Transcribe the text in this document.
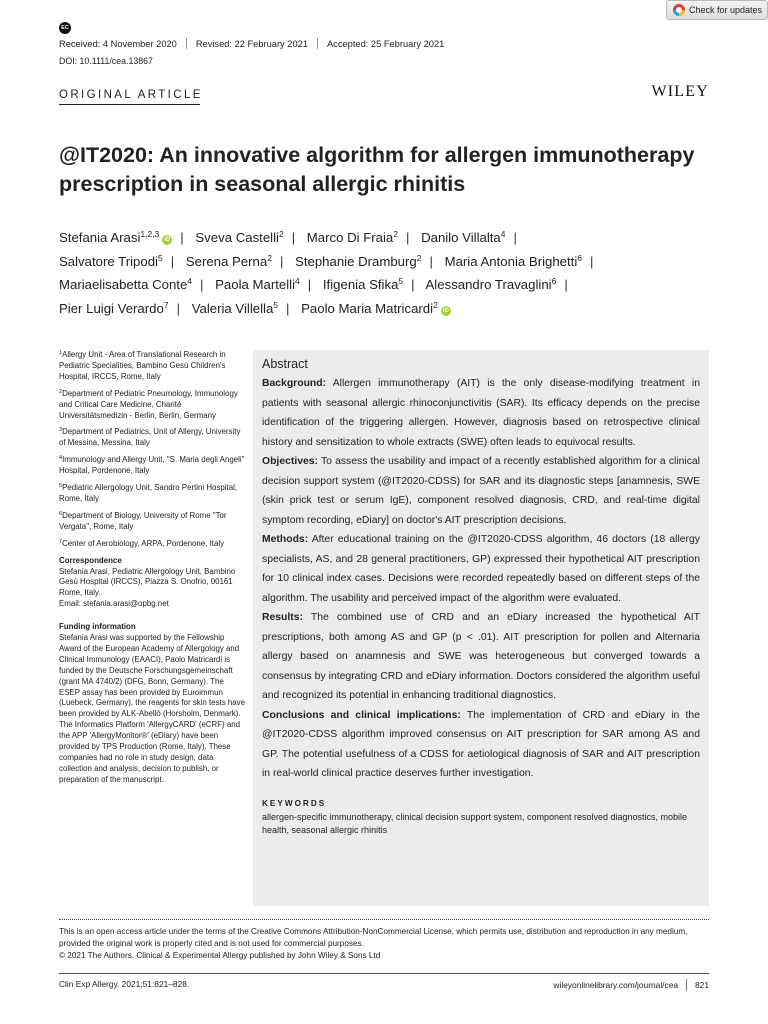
Check for updates
EC
Received: 4 November 2020 Revised: 22 February 2021 Accepted: 25 February 2021
DOI: 10.1111/cea.13867
ORIGINAL ARTICLE	WILEY
@IT2020: An innovative algorithm for allergen immunotherapy prescription in seasonal allergic rhinitis
Stefania Arasi$^{1,2,3}$iD | Sveva Castelli$^2$ | Marco Di Fraia$^2$ | Danilo Villalta$^4$ |
Salvatore Tripodi$^5$ | Serena Perna$^2$ | Stephanie Dramburg$^2$ | Maria Antonia Brighetti$^6$ |
Mariaelisabetta Conte$^4$ | Paola Martelli$^4$ | Ifigenia Sfika$^5$ | Alessandro Travaglini$^6$ |
Pier Luigi Verardo$^7$ | Valeria Villella$^5$ | Paolo Maria Matricardi$^2$iD

$^1$Allergy Unit - Area of Translational Research in Pediatric Specialities, Bambino Gesù Children's Hospital, IRCCS, Rome, Italy

$^2$Department of Pediatric Pneumology, Immunology and Critical Care Medicine, Charité Universitätsmedizin - Berlin, Berlin, Germany

$^3$Department of Pediatrics, Unit of Allergy, University of Messina, Messina, Italy

$^4$Immunology and Allergy Unit, "S. Maria degli Angeli" Hospital, Pordenone, Italy

$^5$Pediatric Allergology Unit, Sandro Pertini Hospital, Rome, Italy

$^6$Department of Biology, University of Rome "Tor Vergata", Rome, Italy

$^7$Center of Aerobiology, ARPA, Pordenone, Italy

Correspondence
Stefania Arasi, Pediatric Allergology Unit, Bambino Gesù Hospital (IRCCS), Piazza S. Onofrio, 00161 Rome, Italy.
Email: stefania.arasi@opbg.net
Funding information
Stefania Arasi was supported by the Fellowship Award of the European Academy of Allergology and Clinical Immunology (EAACI); Paolo Matricardi is funded by the Deutsche Forschungsgemeinschaft (grant MA 4740/2) (DFG, Bonn, Germany). The ESEP assay has been provided by Euroimmun (Luebeck, Germany), the reagents for skin tests have been provided by ALK-Abellò (Horsholm, Denmark). The Informatics Platform 'AllergyCARD' (eCRF) and the APP 'AllergyMonitor®' (eDiary) have been provided by TPS Production (Rome, Italy). These companies had no role in study design, data collection and analysis, decision to publish, or preparation of the manuscript.
Abstract
Background: Allergen immunotherapy (AIT) is the only disease-modifying treatment in patients with seasonal allergic rhinoconjunctivitis (SAR). Its efficacy depends on the precise identification of the triggering allergen. However, diagnosis based on retrospective clinical history and sensitization to whole extracts (SWE) often leads to equivocal results.
Objectives: To assess the usability and impact of a recently established algorithm for a clinical decision support system (@IT2020-CDSS) for SAR and its diagnostic steps [anamnesis, SWE (skin prick test or serum IgE), component resolved diagnosis, CRD, and real-time digital symptom recording, eDiary] on doctor's AIT prescription decisions.
Methods: After educational training on the @IT2020-CDSS algorithm, 46 doctors (18 allergy specialists, AS, and 28 general practitioners, GP) expressed their hypothetical AIT prescription for 10 clinical index cases. Decisions were recorded repeatedly based on different steps of the algorithm. The usability and perceived impact of the algorithm were evaluated.
Results: The combined use of CRD and an eDiary increased the hypothetical AIT prescriptions, both among AS and GP (p < .01). AIT prescription for pollen and Alternaria allergy based on anamnesis and SWE was heterogeneous but converged towards a consensus by integrating CRD and eDiary information. Doctors considered the algorithm useful and recognized its potential in enhancing traditional diagnostics.
Conclusions and clinical implications: The implementation of CRD and eDiary in the @IT2020-CDSS algorithm improved consensus on AIT prescription for SAR among AS and GP. The potential usefulness of a CDSS for aetiological diagnosis of SAR and AIT prescription in real-world clinical practice deserves further investigation.
KEYWORDS
allergen-specific immunotherapy, clinical decision support system, component resolved diagnostics, mobile health, seasonal allergic rhinitis
This is an open access article under the terms of the Creative Commons Attribution-NonCommercial License, which permits use, distribution and reproduction in any medium, provided the original work is properly cited and is not used for commercial purposes.
© 2021 The Authors. Clinical & Experimental Allergy published by John Wiley & Sons Ltd
Clin Exp Allergy. 2021;51:821–828.	wileyonlinelibrary.com/journal/cea 821
